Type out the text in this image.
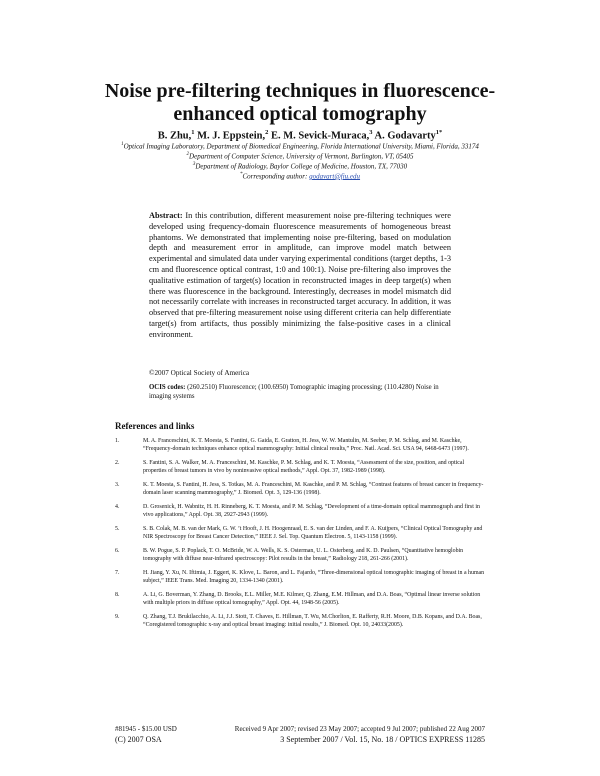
Noise pre-filtering techniques in fluorescence-
enhanced optical tomography
B. Zhu,$^1$ M. J. Eppstein,$^2$ E. M. Sevick-Muraca,$^3$ A. Godavarty$^{1*}$
$^1$Optical Imaging Laboratory, Department of Biomedical Engineering, Florida International University, Miami, Florida, 33174
$^2$Department of Computer Science, University of Vermont, Burlington, VT, 05405
$^3$Department of Radiology, Baylor College of Medicine, Houston, TX, 77030
*Corresponding author: godavart@fiu.edu
Abstract: In this contribution, different measurement noise pre-filtering techniques were developed using frequency-domain fluorescence measurements of homogeneous breast phantoms. We demonstrated that implementing noise pre-filtering, based on modulation depth and measurement error in amplitude, can improve model match between experimental and simulated data under varying experimental conditions (target depths, 1-3 cm and fluorescence optical contrast, 1:0 and 100:1). Noise pre-filtering also improves the qualitative estimation of target(s) location in reconstructed images in deep target(s) when there was fluorescence in the background. Interestingly, decreases in model mismatch did not necessarily correlate with increases in reconstructed target accuracy. In addition, it was observed that pre-filtering measurement noise using different criteria can help differentiate target(s) from artifacts, thus possibly minimizing the false-positive cases in a clinical environment.
©2007 Optical Society of America
OCIS codes: (260.2510) Fluorescence; (100.6950) Tomographic imaging processing; (110.4280) Noise in imaging systems
References and links
1.	M. A. Franceschini, K. T. Moesta, S. Fantini, G. Gaida, E. Gratton, H. Jess, W. W. Mantulin, M. Seeber, P. M. Schlag, and M. Kaschke, “Frequency-domain techniques enhance optical mammography: Initial clinical results,” Proc. Natl. Acad. Sci. USA 94, 6468-6473 (1997).
2.	S. Fantini, S. A. Walker, M. A. Franceschini, M. Kaschke, P. M. Schlag, and K. T. Moesta, “Assessment of the size, position, and optical properties of breast tumors in vivo by noninvasive optical methods,” Appl. Opt. 37, 1982-1989 (1998).
3.	K. T. Moesta, S. Fantini, H. Jess, S. Totkas, M. A. Franceschini, M. Kaschke, and P. M. Schlag, “Contrast features of breast cancer in frequency-domain laser scanning mammography,” J. Biomed. Opt. 3, 129-136 (1998).
4.	D. Grosenick, H. Wabnitz, H. H. Rinneberg, K. T. Moesta, and P. M. Schlag, “Development of a time-domain optical mammograph and first in vivo applications,” Appl. Opt. 38, 2927-2943 (1999).
5.	S. B. Colak, M. B. van der Mark, G. W. ’t Hooft, J. H. Hoogenraad, E. S. van der Linden, and F. A. Kuijpers, “Clinical Optical Tomography and NIR Spectroscopy for Breast Cancer Detection,” IEEE J. Sel. Top. Quantum Electron. 5, 1143-1158 (1999).
6.	B. W. Pogue, S. P. Poplack, T. O. McBride, W. A. Wells, K. S. Osterman, U. L. Osterberg, and K. D. Paulsen, “Quantitative hemoglobin tomography with diffuse near-infrared spectroscopy: Pilot results in the breast,” Radiology 218, 261-266 (2001).
7.	H. Jiang, Y. Xu, N. Iftimia, J. Eggert, K. Klove, L. Baron, and L. Fajardo, “Three-dimensional optical tomographic imaging of breast in a human subject,” IEEE Trans. Med. Imaging 20, 1334-1340 (2001).
8.	A. Li, G. Boverman, Y. Zhang, D. Brooks, E.L. Miller, M.E. Kilmer, Q. Zhang, E.M. Hillman, and D.A. Boas, “Optimal linear inverse solution with multiple priors in diffuse optical tomography,” Appl. Opt. 44, 1948-56 (2005).
9.	Q. Zhang, T.J. Brukilacchio, A. Li, J.J. Stott, T. Chaves, E. Hillman, T. Wu, M.Chorlton, E. Rafferty, R.H. Moore, D.B. Kopans, and D.A. Boas, “Coregistered tomographic x-ray and optical breast imaging: initial results,” J. Biomed. Opt. 10, 24033(2005).
#81945 - $15.00 USD	Received 9 Apr 2007; revised 23 May 2007; accepted 9 Jul 2007; published 22 Aug 2007
(C) 2007 OSA	3 September 2007 / Vol. 15, No. 18 / OPTICS EXPRESS 11285
